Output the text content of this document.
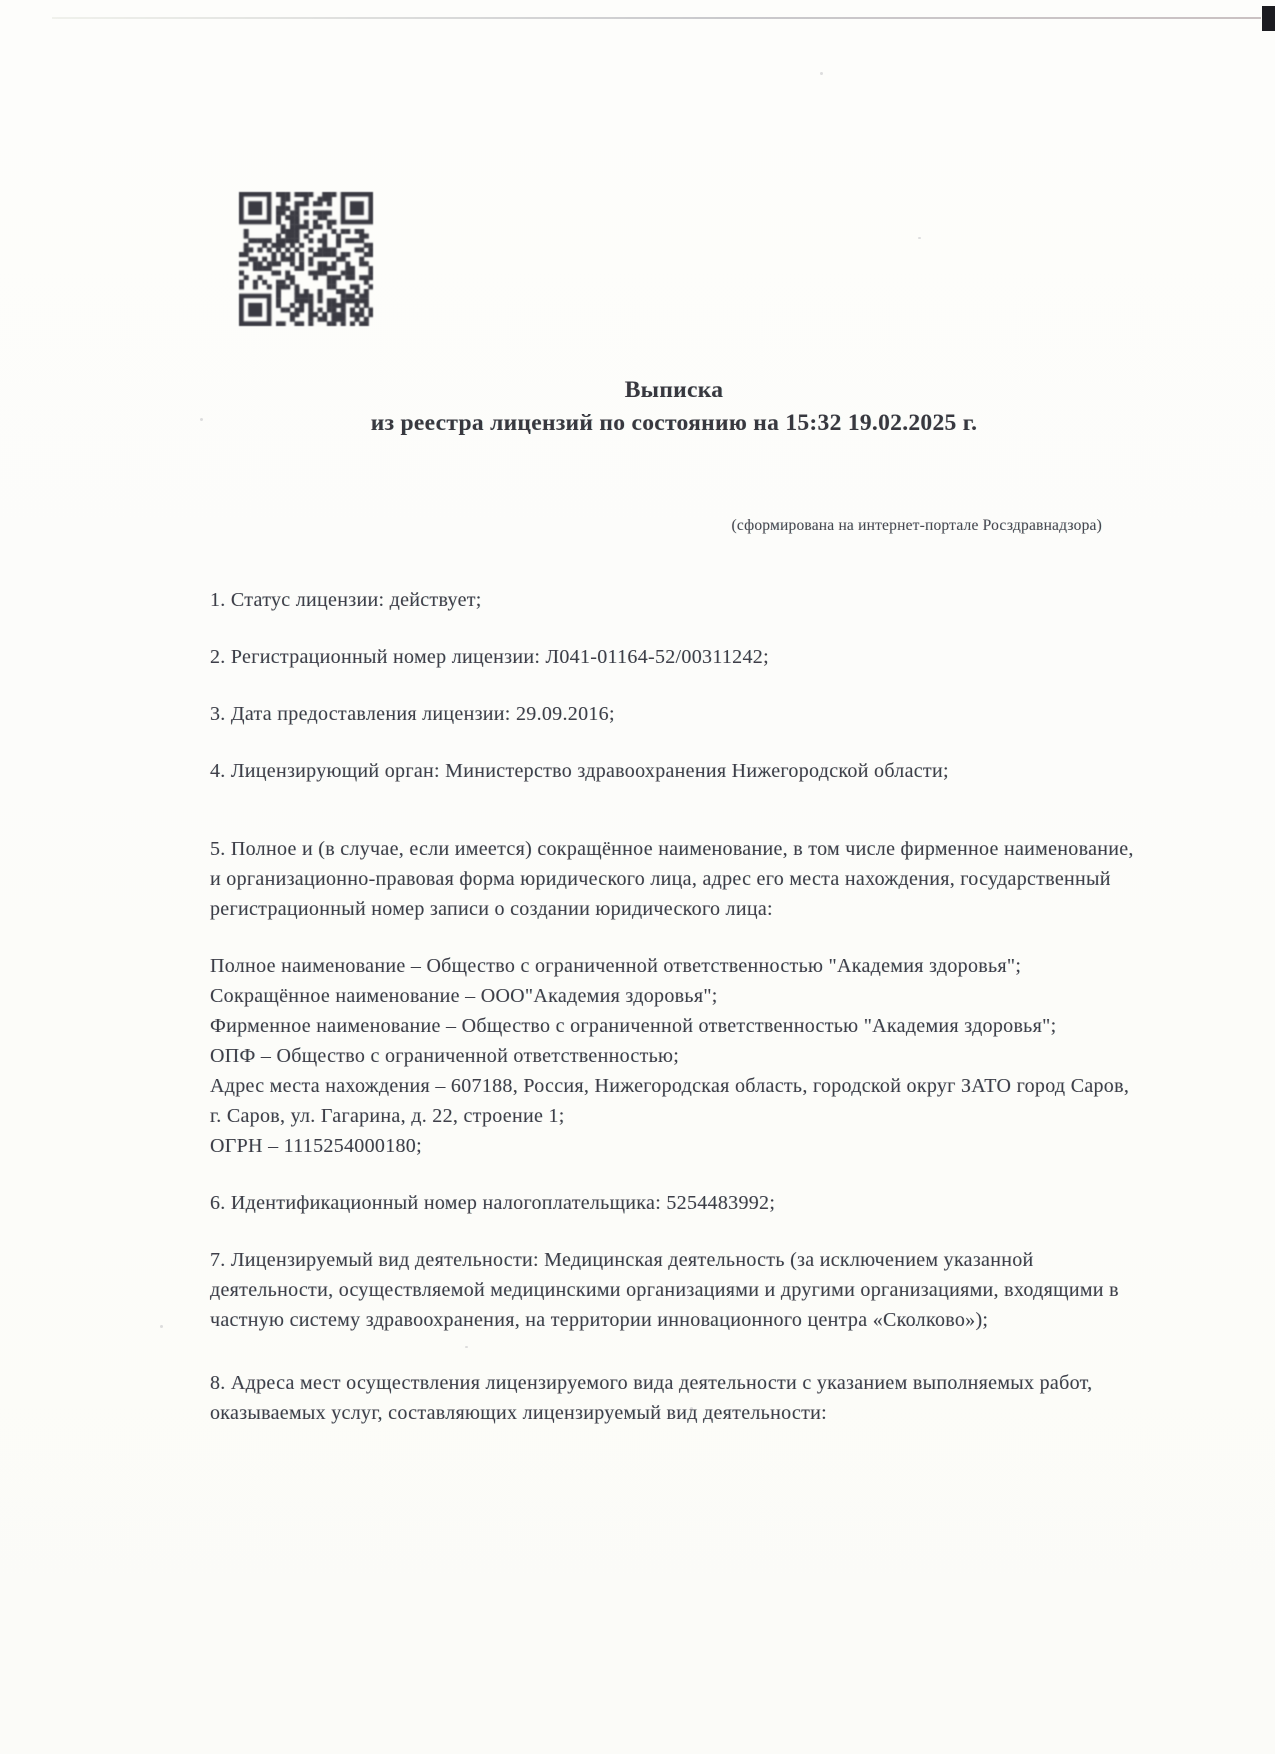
Выписка
из реестра лицензий по состоянию на 15:32 19.02.2025 г.
(сформирована на интернет-портале Росздравнадзора)

1. Статус лицензии: действует;

2. Регистрационный номер лицензии: Л041-01164-52/00311242;

3. Дата предоставления лицензии: 29.09.2016;

4. Лицензирующий орган: Министерство здравоохранения Нижегородской области;

5. Полное и (в случае, если имеется) сокращённое наименование, в том числе фирменное наименование, и организационно-правовая форма юридического лица, адрес его места нахождения, государственный регистрационный номер записи о создании юридического лица:

Полное наименование – Общество с ограниченной ответственностью "Академия здоровья";

Сокращённое наименование – ООО"Академия здоровья";

Фирменное наименование – Общество с ограниченной ответственностью "Академия здоровья";

ОПФ – Общество с ограниченной ответственностью;

Адрес места нахождения – 607188, Россия, Нижегородская область, городской округ ЗАТО город Саров, г. Саров, ул. Гагарина, д. 22, строение 1;

ОГРН – 1115254000180;

6. Идентификационный номер налогоплательщика: 5254483992;

7. Лицензируемый вид деятельности: Медицинская деятельность (за исключением указанной деятельности, осуществляемой медицинскими организациями и другими организациями, входящими в частную систему здравоохранения, на территории инновационного центра «Сколково»);

8. Адреса мест осуществления лицензируемого вида деятельности с указанием выполняемых работ, оказываемых услуг, составляющих лицензируемый вид деятельности:
